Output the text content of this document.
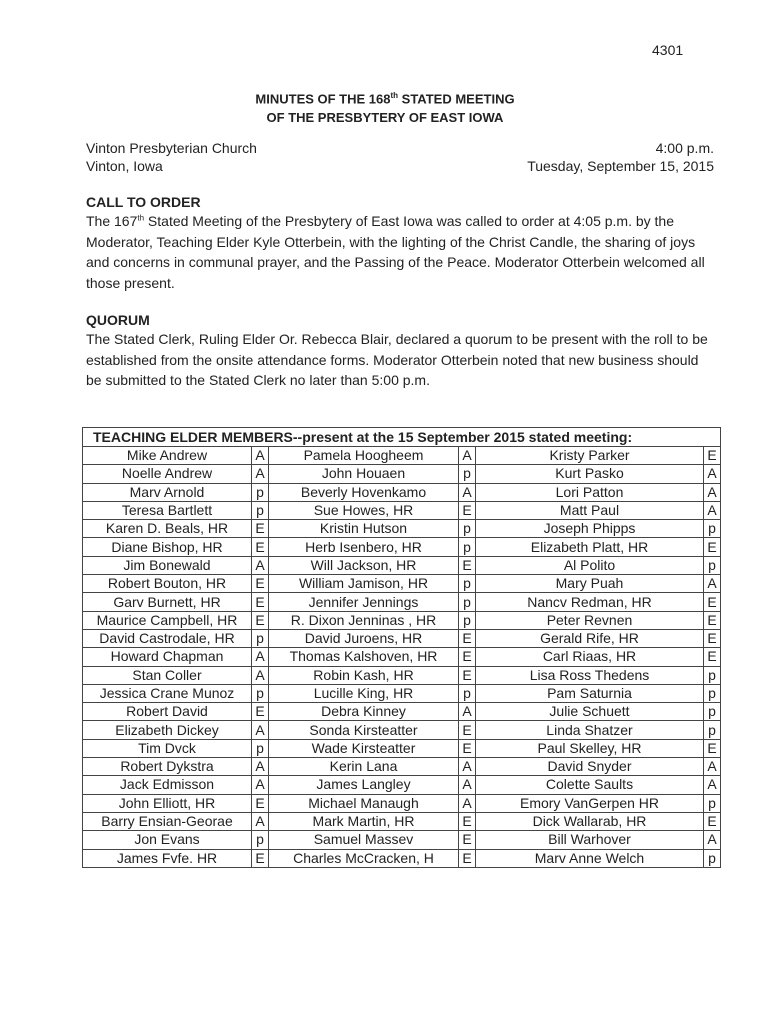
4301
MINUTES OF THE 168th STATED MEETING
OF THE PRESBYTERY OF EAST IOWA
Vinton Presbyterian Church
Vinton, Iowa
4:00 p.m.
Tuesday, September 15, 2015
CALL TO ORDER

The 167th Stated Meeting of the Presbytery of East Iowa was called to order at 4:05 p.m. by the Moderator, Teaching Elder Kyle Otterbein, with the lighting of the Christ Candle, the sharing of joys and concerns in communal prayer, and the Passing of the Peace. Moderator Otterbein welcomed all those present.

QUORUM

The Stated Clerk, Ruling Elder Or. Rebecca Blair, declared a quorum to be present with the roll to be established from the onsite attendance forms. Moderator Otterbein noted that new business should be submitted to the Stated Clerk no later than 5:00 p.m.

TEACHING ELDER MEMBERS--present at the 15 September 2015 stated meeting:					
Mike Andrew	A	Pamela Hoogheem	A	Kristy Parker	E
Noelle Andrew	A	John Houaen	p	Kurt Pasko	A
Marv Arnold	p	Beverly Hovenkamo	A	Lori Patton	A
Teresa Bartlett	p	Sue Howes, HR	E	Matt Paul	A
Karen D. Beals, HR	E	Kristin Hutson	p	Joseph Phipps	p
Diane Bishop, HR	E	Herb Isenbero, HR	p	Elizabeth Platt, HR	E
Jim Bonewald	A	Will Jackson, HR	E	Al Polito	p
Robert Bouton, HR	E	William Jamison, HR	p	Mary Puah	A
Garv Burnett, HR	E	Jennifer Jennings	p	Nancv Redman, HR	E
Maurice Campbell, HR	E	R. Dixon Jenninas , HR	p	Peter Revnen	E
David Castrodale, HR	p	David Juroens, HR	E	Gerald Rife, HR	E
Howard Chapman	A	Thomas Kalshoven, HR	E	Carl Riaas, HR	E
Stan Coller	A	Robin Kash, HR	E	Lisa Ross Thedens	p
Jessica Crane Munoz	p	Lucille King, HR	p	Pam Saturnia	p
Robert David	E	Debra Kinney	A	Julie Schuett	p
Elizabeth Dickey	A	Sonda Kirsteatter	E	Linda Shatzer	p
Tim Dvck	p	Wade Kirsteatter	E	Paul Skelley, HR	E
Robert Dykstra	A	Kerin Lana	A	David Snyder	A
Jack Edmisson	A	James Langley	A	Colette Saults	A
John Elliott, HR	E	Michael Manaugh	A	Emory VanGerpen HR	p
Barry Ensian-Georae	A	Mark Martin, HR	E	Dick Wallarab, HR	E
Jon Evans	p	Samuel Massev	E	Bill Warhover	A
James Fvfe. HR	E	Charles McCracken, H	E	Marv Anne Welch	p
